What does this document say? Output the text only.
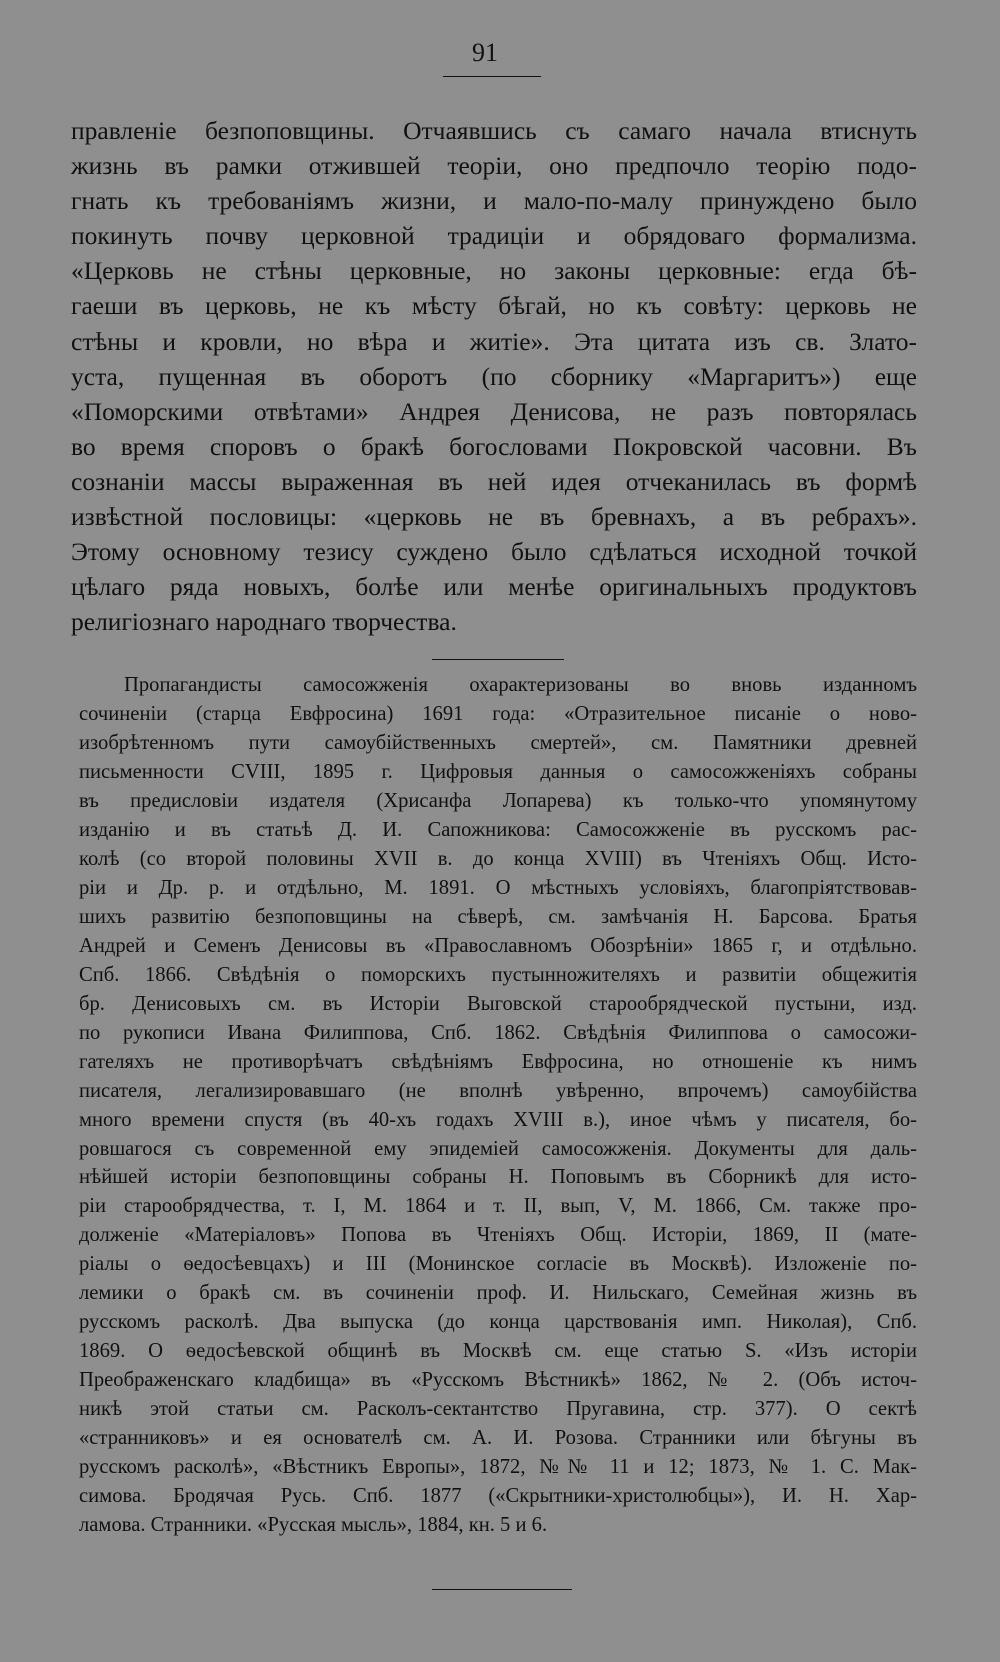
91
правленіе безпоповщины. Отчаявшись съ самаго начала втиснуть
жизнь въ рамки отжившей теоріи, оно предпочло теорію подо-
гнать къ требованіямъ жизни, и мало-по-малу принуждено было
покинуть почву церковной традиціи и обрядоваго формализма.
«Церковь не стѣны церковные, но законы церковные: егда бѣ-
гаеши въ церковь, не къ мѣсту бѣгай, но къ совѣту: церковь не
стѣны и кровли, но вѣра и житіе». Эта цитата изъ св. Злато-
уста, пущенная въ оборотъ (по сборнику «Маргаритъ») еще
«Поморскими отвѣтами» Андрея Денисова, не разъ повторялась
во время споровъ о бракѣ богословами Покровской часовни. Въ
сознаніи массы выраженная въ ней идея отчеканилась въ формѣ
извѣстной пословицы: «церковь не въ бревнахъ, а въ ребрахъ».
Этому основному тезису суждено было сдѣлаться исходной точкой
цѣлаго ряда новыхъ, болѣе или менѣе оригинальныхъ продуктовъ
религіознаго народнаго творчества.
Пропагандисты самосожженія охарактеризованы во вновь изданномъ
сочиненіи (старца Евфросина) 1691 года: «Отразительное писаніе о ново-
изобрѣтенномъ пути самоубійственныхъ смертей», см. Памятники древней
письменности CVIII, 1895 г. Цифровыя данныя о самосожженіяхъ собраны
въ предисловіи издателя (Хрисанфа Лопарева) къ только-что упомянутому
изданію и въ статьѣ Д. И. Сапожникова: Самосожженіе въ русскомъ рас-
колѣ (со второй половины XVII в. до конца XVIII) въ Чтеніяхъ Общ. Исто-
ріи и Др. р. и отдѣльно, М. 1891. О мѣстныхъ условіяхъ, благопріятствовав-
шихъ развитію безпоповщины на сѣверѣ, см. замѣчанія Н. Барсова. Братья
Андрей и Семенъ Денисовы въ «Православномъ Обозрѣніи» 1865 г, и отдѣльно.
Спб. 1866. Свѣдѣнія о поморскихъ пустынножителяхъ и развитіи общежитія
бр. Денисовыхъ см. въ Исторіи Выговской старообрядческой пустыни, изд.
по рукописи Ивана Филиппова, Спб. 1862. Свѣдѣнія Филиппова о самосожи-
гателяхъ не противорѣчатъ свѣдѣніямъ Евфросина, но отношеніе къ нимъ
писателя, легализировавшаго (не вполнѣ увѣренно, впрочемъ) самоубійства
много времени спустя (въ 40-хъ годахъ XVIII в.), иное чѣмъ у писателя, бо-
ровшагося съ современной ему эпидеміей самосожженія. Документы для даль-
нѣйшей исторіи безпоповщины собраны Н. Поповымъ въ Сборникѣ для исто-
ріи старообрядчества, т. I, М. 1864 и т. II, вып, V, М. 1866, См. также про-
долженіе «Матеріаловъ» Попова въ Чтеніяхъ Общ. Исторіи, 1869, II (мате-
ріалы о ѳедосѣевцахъ) и III (Монинское согласіе въ Москвѣ). Изложеніе по-
лемики о бракѣ см. въ сочиненіи проф. И. Нильскаго, Семейная жизнь въ
русскомъ расколѣ. Два выпуска (до конца царствованія имп. Николая), Спб.
1869. О ѳедосѣевской общинѣ въ Москвѣ см. еще статью S. «Изъ исторіи
Преображенскаго кладбища» въ «Русскомъ Вѣстникѣ» 1862, № 2. (Объ источ-
никѣ этой статьи см. Расколъ-сектантство Пругавина, стр. 377). О сектѣ
«странниковъ» и ея основателѣ см. А. И. Розова. Странники или бѣгуны въ
русскомъ расколѣ», «Вѣстникъ Европы», 1872, №№ 11 и 12; 1873, № 1. С. Мак-
симова. Бродячая Русь. Спб. 1877 («Скрытники-христолюбцы»), И. Н. Хар-
ламова. Странники. «Русская мысль», 1884, кн. 5 и 6.
